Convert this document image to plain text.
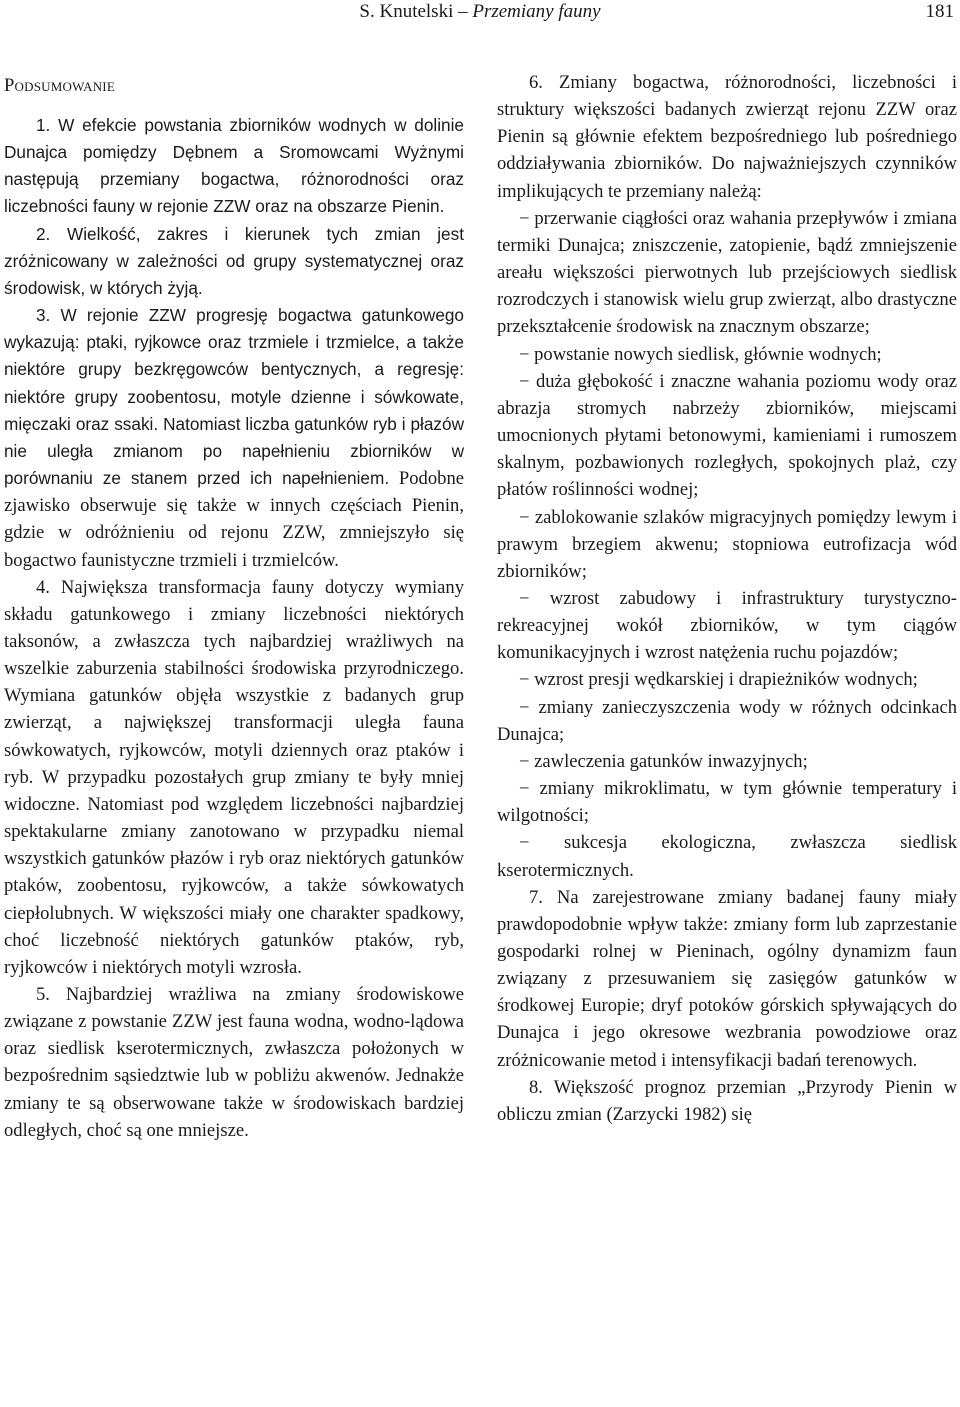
S. Knutelski – Przemiany fauny	181
Podsumowanie

1. W efekcie powstania zbiorników wodnych w dolinie Dunajca pomiędzy Dębnem a Sromowcami Wyżnymi następują przemiany bogactwa, różnorodności oraz liczebności fauny w rejonie ZZW oraz na obszarze Pienin.

2. Wielkość, zakres i kierunek tych zmian jest zróżnicowany w zależności od grupy systematycznej oraz środowisk, w których żyją.

3. W rejonie ZZW progresję bogactwa gatunkowego wykazują: ptaki, ryjkowce oraz trzmiele i trzmielce, a także niektóre grupy bezkręgowców bentycznych, a regresję: niektóre grupy zoobentosu, motyle dzienne i sówkowate, mięczaki oraz ssaki. Natomiast liczba gatunków ryb i płazów nie uległa zmianom po napełnieniu zbiorników w porównaniu ze stanem przed ich napełnieniem. Podobne zjawisko obserwuje się także w innych częściach Pienin, gdzie w odróżnieniu od rejonu ZZW, zmniejszyło się bogactwo faunistyczne trzmieli i trzmielców.

4. Największa transformacja fauny dotyczy wymiany składu gatunkowego i zmiany liczebności niektórych taksonów, a zwłaszcza tych najbardziej wrażliwych na wszelkie zaburzenia stabilności środowiska przyrodniczego. Wymiana gatunków objęła wszystkie z badanych grup zwierząt, a największej transformacji uległa fauna sówkowatych, ryjkowców, motyli dziennych oraz ptaków i ryb. W przypadku pozostałych grup zmiany te były mniej widoczne. Natomiast pod względem liczebności najbardziej spektakularne zmiany zanotowano w przypadku niemal wszystkich gatunków płazów i ryb oraz niektórych gatunków ptaków, zoobentosu, ryjkowców, a także sówkowatych ciepłolubnych. W większości miały one charakter spadkowy, choć liczebność niektórych gatunków ptaków, ryb, ryjkowców i niektórych motyli wzrosła.

5. Najbardziej wrażliwa na zmiany środowiskowe związane z powstanie ZZW jest fauna wodna, wodno-lądowa oraz siedlisk kserotermicznych, zwłaszcza położonych w bezpośrednim sąsiedztwie lub w pobliżu akwenów. Jednakże zmiany te są obserwowane także w środowiskach bardziej odległych, choć są one mniejsze.

6. Zmiany bogactwa, różnorodności, liczebności i struktury większości badanych zwierząt rejonu ZZW oraz Pienin są głównie efektem bezpośredniego lub pośredniego oddziaływania zbiorników. Do najważniejszych czynników implikujących te przemiany należą:

− przerwanie ciągłości oraz wahania przepływów i zmiana termiki Dunajca; zniszczenie, zatopienie, bądź zmniejszenie areału większości pierwotnych lub przejściowych siedlisk rozrodczych i stanowisk wielu grup zwierząt, albo drastyczne przekształcenie środowisk na znacznym obszarze;

− powstanie nowych siedlisk, głównie wodnych;

− duża głębokość i znaczne wahania poziomu wody oraz abrazja stromych nabrzeży zbiorników, miejscami umocnionych płytami betonowymi, kamieniami i rumoszem skalnym, pozbawionych rozległych, spokojnych plaż, czy płatów roślinności wodnej;

− zablokowanie szlaków migracyjnych pomiędzy lewym i prawym brzegiem akwenu; stopniowa eutrofizacja wód zbiorników;

− wzrost zabudowy i infrastruktury turystyczno-rekreacyjnej wokół zbiorników, w tym ciągów komunikacyjnych i wzrost natężenia ruchu pojazdów;

− wzrost presji wędkarskiej i drapieżników wodnych;

− zmiany zanieczyszczenia wody w różnych odcinkach Dunajca;

− zawleczenia gatunków inwazyjnych;

− zmiany mikroklimatu, w tym głównie temperatury i wilgotności;

− sukcesja ekologiczna, zwłaszcza siedlisk kserotermicznych.

7. Na zarejestrowane zmiany badanej fauny miały prawdopodobnie wpływ także: zmiany form lub zaprzestanie gospodarki rolnej w Pieninach, ogólny dynamizm faun związany z przesuwaniem się zasięgów gatunków w środkowej Europie; dryf potoków górskich spływających do Dunajca i jego okresowe wezbrania powodziowe oraz zróżnicowanie metod i intensyfikacji badań terenowych.

8. Większość prognoz przemian „Przyrody Pienin w obliczu zmian (Zarzycki 1982) się
